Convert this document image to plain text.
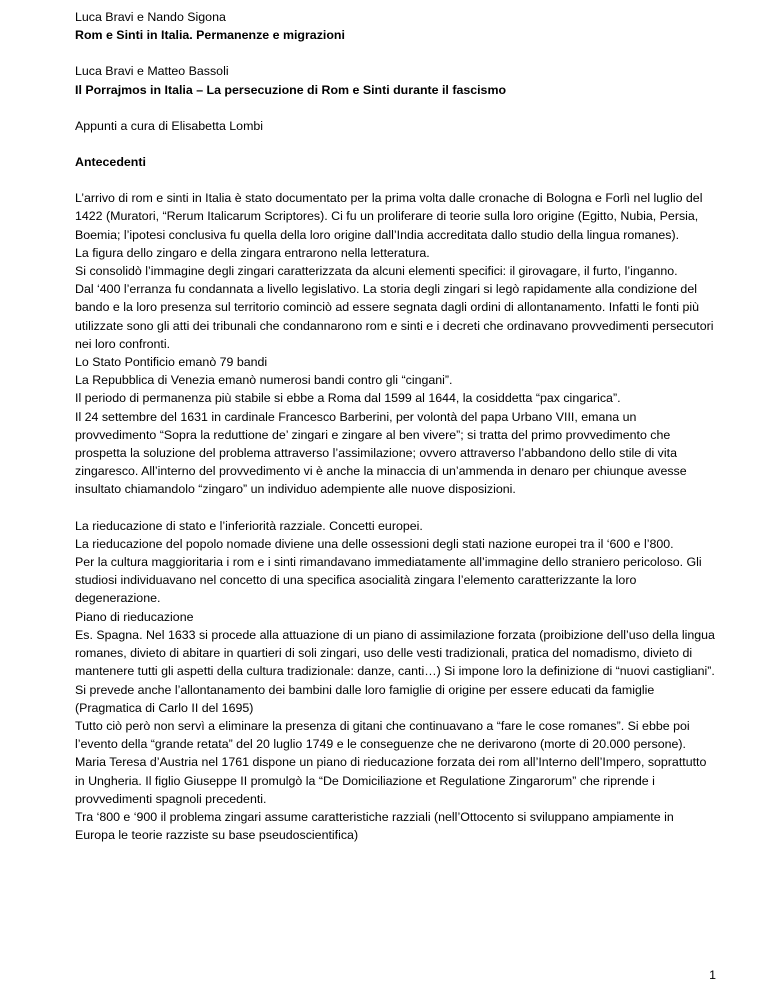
Luca Bravi e Nando Sigona

Rom e Sinti in Italia. Permanenze e migrazioni

Luca Bravi e Matteo Bassoli

Il Porrajmos in Italia – La persecuzione di Rom e Sinti durante il fascismo

Appunti a cura di Elisabetta Lombi

Antecedenti

L’arrivo di rom e sinti in Italia è stato documentato per la prima volta dalle cronache di Bologna e Forlì nel luglio del 1422 (Muratori, “Rerum Italicarum Scriptores). Ci fu un proliferare di teorie sulla loro origine (Egitto, Nubia, Persia, Boemia; l’ipotesi conclusiva fu quella della loro origine dall’India accreditata dallo studio della lingua romanes).

La figura dello zingaro e della zingara entrarono nella letteratura.

Si consolidò l’immagine degli zingari caratterizzata da alcuni elementi specifici: il girovagare, il furto, l’inganno.

Dal ‘400 l’erranza fu condannata a livello legislativo. La storia degli zingari si legò rapidamente alla condizione del bando e la loro presenza sul territorio cominciò ad essere segnata dagli ordini di allontanamento. Infatti le fonti più utilizzate sono gli atti dei tribunali che condannarono rom e sinti e i decreti che ordinavano provvedimenti persecutori nei loro confronti.

Lo Stato Pontificio emanò 79 bandi

La Repubblica di Venezia emanò numerosi bandi contro gli “cingani”.

Il periodo di permanenza più stabile si ebbe a Roma dal 1599 al 1644, la cosiddetta “pax cingarica”.

Il 24 settembre del 1631 in cardinale Francesco Barberini, per volontà del papa Urbano VIII, emana un provvedimento “Sopra la reduttione de’ zingari e zingare al ben vivere”; si tratta del primo provvedimento che prospetta la soluzione del problema attraverso l’assimilazione; ovvero attraverso l’abbandono dello stile di vita zingaresco. All’interno del provvedimento vi è anche la minaccia di un’ammenda in denaro per chiunque avesse insultato chiamandolo “zingaro” un individuo adempiente alle nuove disposizioni.

La rieducazione di stato e l’inferiorità razziale. Concetti europei.

La rieducazione del popolo nomade diviene una delle ossessioni degli stati nazione europei tra il ‘600 e l’800.

Per la cultura maggioritaria i rom e i sinti rimandavano immediatamente all’immagine dello straniero pericoloso. Gli studiosi individuavano nel concetto di una specifica asocialità zingara l’elemento caratterizzante la loro degenerazione.

Piano di rieducazione

Es. Spagna. Nel 1633 si procede alla attuazione di un piano di assimilazione forzata (proibizione dell’uso della lingua romanes, divieto di abitare in quartieri di soli zingari, uso delle vesti tradizionali, pratica del nomadismo, divieto di mantenere tutti gli aspetti della cultura tradizionale: danze, canti…) Si impone loro la definizione di “nuovi castigliani”. Si prevede anche l’allontanamento dei bambini dalle loro famiglie di origine per essere educati da famiglie (Pragmatica di Carlo II del 1695)

Tutto ciò però non servì a eliminare la presenza di gitani che continuavano a “fare le cose romanes”. Si ebbe poi l’evento della “grande retata” del 20 luglio 1749 e le conseguenze che ne derivarono (morte di 20.000 persone).

Maria Teresa d’Austria nel 1761 dispone un piano di rieducazione forzata dei rom all’Interno dell’Impero, soprattutto in Ungheria. Il figlio Giuseppe II promulgò la “De Domiciliazione et Regulatione Zingarorum” che riprende i provvedimenti spagnoli precedenti.

Tra ‘800 e ‘900 il problema zingari assume caratteristiche razziali (nell’Ottocento si sviluppano ampiamente in Europa le teorie razziste su base pseudoscientifica)

1
